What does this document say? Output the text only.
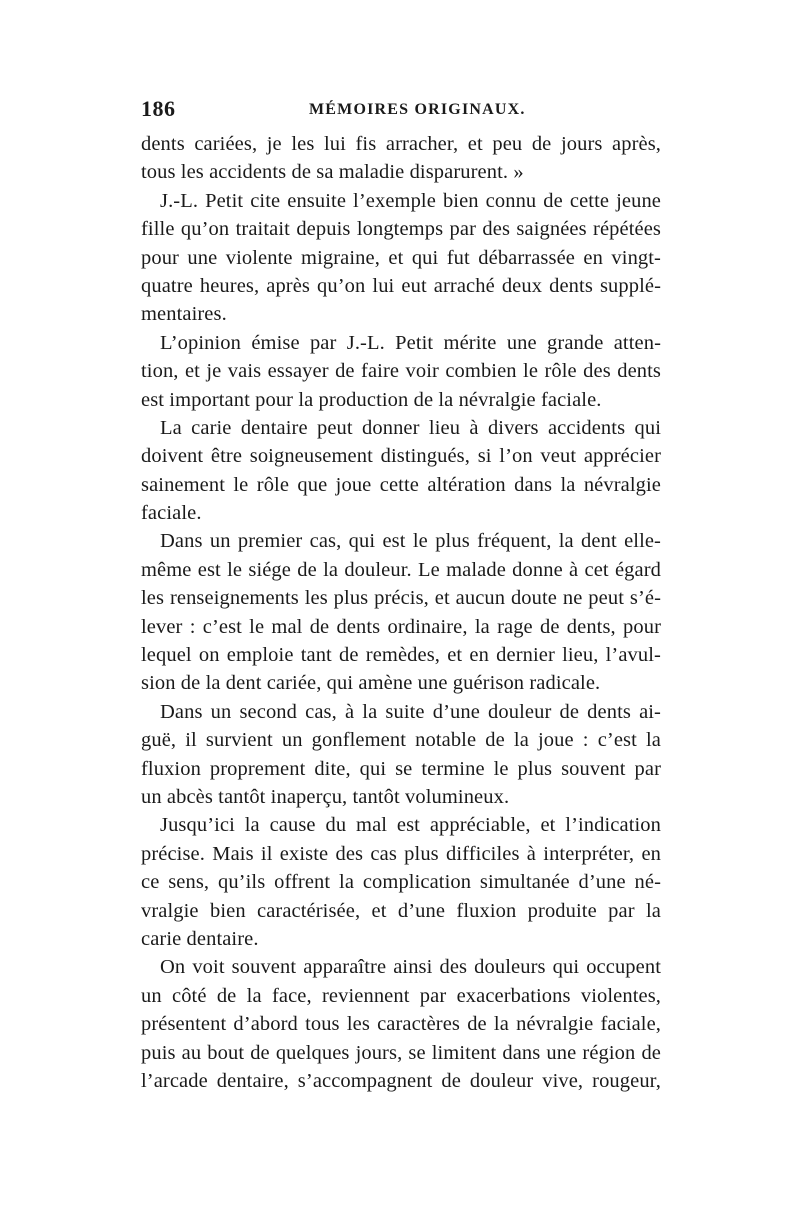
186	MÉMOIRES ORIGINAUX.
dents cariées, je les lui fis arracher, et peu de jours après,
tous les accidents de sa maladie disparurent. »
J.-L. Petit cite ensuite l’exemple bien connu de cette jeune
fille qu’on traitait depuis longtemps par des saignées répétées
pour une violente migraine, et qui fut débarrassée en vingt-
quatre heures, après qu’on lui eut arraché deux dents supplé-
mentaires.
L’opinion émise par J.-L. Petit mérite une grande atten-
tion, et je vais essayer de faire voir combien le rôle des dents
est important pour la production de la névralgie faciale.
La carie dentaire peut donner lieu à divers accidents qui
doivent être soigneusement distingués, si l’on veut apprécier
sainement le rôle que joue cette altération dans la névralgie
faciale.
Dans un premier cas, qui est le plus fréquent, la dent elle-
même est le siége de la douleur. Le malade donne à cet égard
les renseignements les plus précis, et aucun doute ne peut s’é-
lever : c’est le mal de dents ordinaire, la rage de dents, pour
lequel on emploie tant de remèdes, et en dernier lieu, l’avul-
sion de la dent cariée, qui amène une guérison radicale.
Dans un second cas, à la suite d’une douleur de dents ai-
guë, il survient un gonflement notable de la joue : c’est la
fluxion proprement dite, qui se termine le plus souvent par
un abcès tantôt inaperçu, tantôt volumineux.
Jusqu’ici la cause du mal est appréciable, et l’indication
précise. Mais il existe des cas plus difficiles à interpréter, en
ce sens, qu’ils offrent la complication simultanée d’une né-
vralgie bien caractérisée, et d’une fluxion produite par la
carie dentaire.
On voit souvent apparaître ainsi des douleurs qui occupent
un côté de la face, reviennent par exacerbations violentes,
présentent d’abord tous les caractères de la névralgie faciale,
puis au bout de quelques jours, se limitent dans une région de
l’arcade dentaire, s’accompagnent de douleur vive, rougeur,
